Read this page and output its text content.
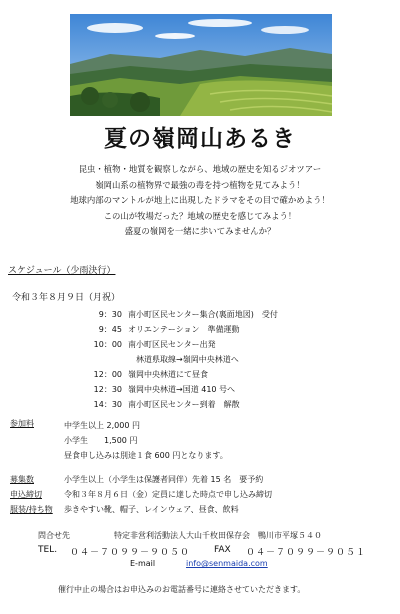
夏の嶺岡山あるき
昆虫・植物・地質を観察しながら、地域の歴史を知るジオツアー
嶺岡山系の植物界で最強の毒を持つ植物を見てみよう！
地球内部のマントルが地上に出現したドラマをその目で確かめよう！
この山が牧場だった？地域の歴史を感じてみよう！
盛夏の嶺岡を一緒に歩いてみませんか？
スケジュール（少雨決行）
令和３年８月９日（月祝）
9：30 南小町区民センター集合(裏面地図)　受付
9：45 オリエンテーション　準備運動
10：00 南小町区民センター出発
林道県取線→嶺岡中央林道へ
12：00 嶺岡中央林道にて昼食
12：30 嶺岡中央林道→国道 410 号へ
14：30 南小町区民センター到着　解散
参加料	中学生以上 2,000 円
小学生　　1,500 円
昼食申し込みは別途１食 600 円となります。
募集数	小学生以上（小学生は保護者同伴）先着 15 名　要予約
申込締切	令和３年８月６日（金）定員に達した時点で申し込み締切
服装/持ち物 歩きやすい靴、帽子、レインウェア、昼食、飲料
問合せ先	特定非営利活動法人大山千枚田保存会　鴨川市平塚５４０
TEL. ０４－７０９９－９０５０	FAX ０４－７０９９－９０５１
E-mail	info@senmaida.com
催行中止の場合はお申込みのお電話番号に連絡させていただきます。
